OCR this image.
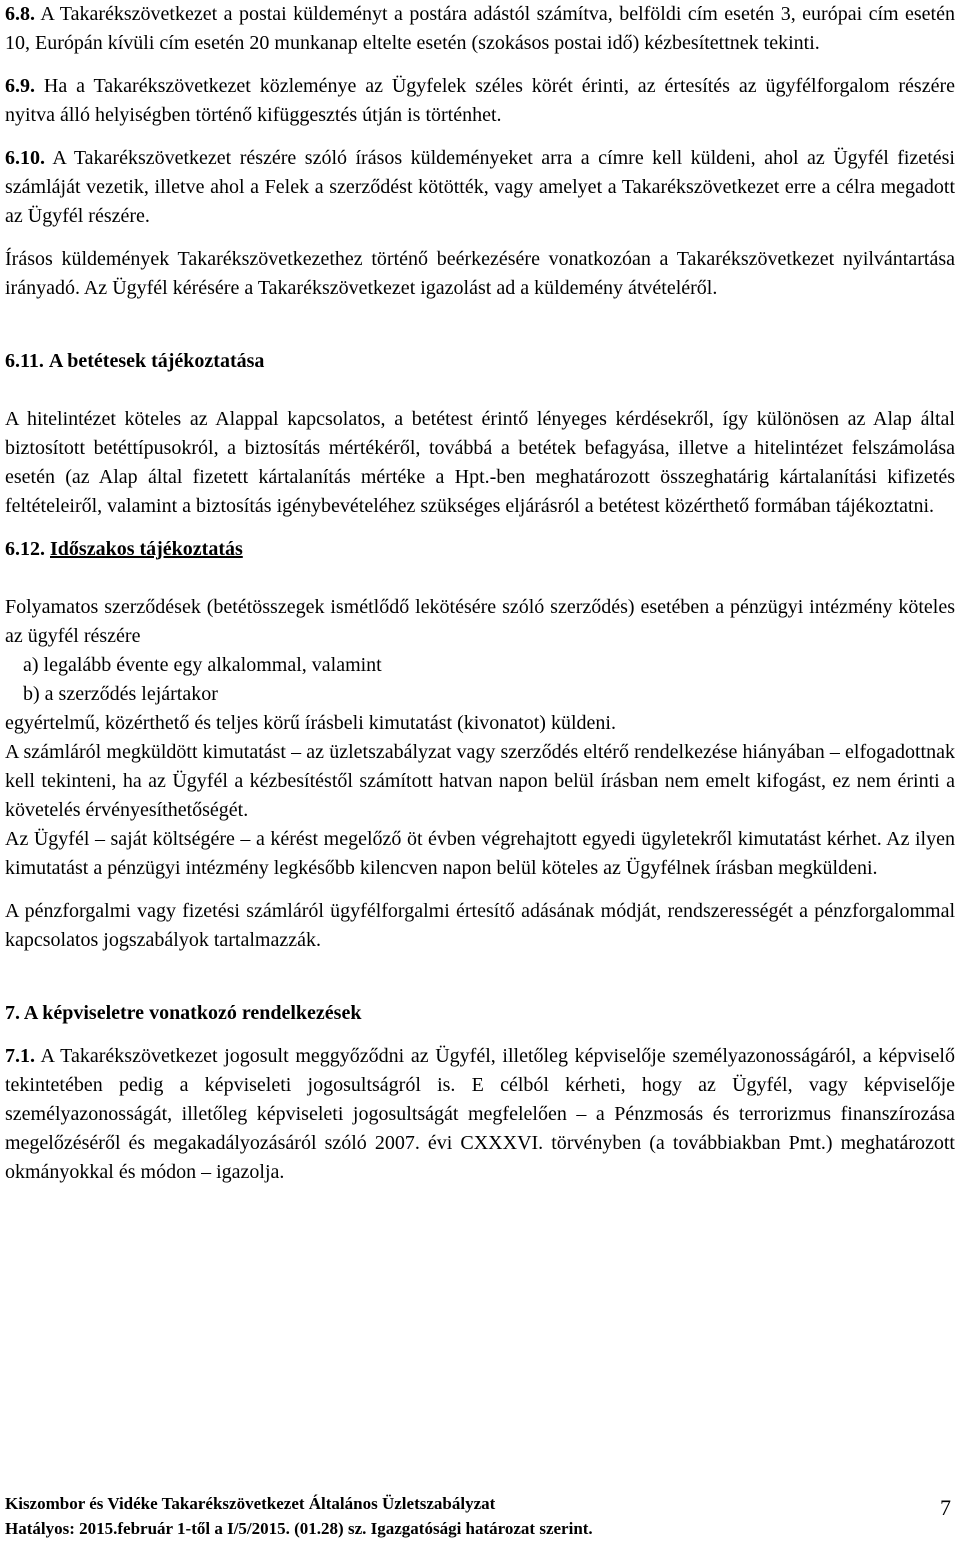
6.8. A Takarékszövetkezet a postai küldeményt a postára adástól számítva, belföldi cím esetén 3, európai cím esetén 10, Európán kívüli cím esetén 20 munkanap eltelte esetén (szokásos postai idő) kézbesítettnek tekinti.

6.9. Ha a Takarékszövetkezet közleménye az Ügyfelek széles körét érinti, az értesítés az ügyfélforgalom részére nyitva álló helyiségben történő kifüggesztés útján is történhet.

6.10. A Takarékszövetkezet részére szóló írásos küldeményeket arra a címre kell küldeni, ahol az Ügyfél fizetési számláját vezetik, illetve ahol a Felek a szerződést kötötték, vagy amelyet a Takarékszövetkezet erre a célra megadott az Ügyfél részére.

Írásos küldemények Takarékszövetkezethez történő beérkezésére vonatkozóan a Takarékszövetkezet nyilvántartása irányadó. Az Ügyfél kérésére a Takarékszövetkezet igazolást ad a küldemény átvételéről.

6.11. A betétesek tájékoztatása

A hitelintézet köteles az Alappal kapcsolatos, a betétest érintő lényeges kérdésekről, így különösen az Alap által biztosított betéttípusokról, a biztosítás mértékéről, továbbá a betétek befagyása, illetve a hitelintézet felszámolása esetén (az Alap által fizetett kártalanítás mértéke a Hpt.-ben meghatározott összeghatárig kártalanítási kifizetés feltételeiről, valamint a biztosítás igénybevételéhez szükséges eljárásról a betétest közérthető formában tájékoztatni.

6.12. Időszakos tájékoztatás

Folyamatos szerződések (betétösszegek ismétlődő lekötésére szóló szerződés) esetében a pénzügyi intézmény köteles az ügyfél részére

a) legalább évente egy alkalommal, valamint

b) a szerződés lejártakor

egyértelmű, közérthető és teljes körű írásbeli kimutatást (kivonatot) küldeni.

A számláról megküldött kimutatást – az üzletszabályzat vagy szerződés eltérő rendelkezése hiányában – elfogadottnak kell tekinteni, ha az Ügyfél a kézbesítéstől számított hatvan napon belül írásban nem emelt kifogást, ez nem érinti a követelés érvényesíthetőségét.

Az Ügyfél – saját költségére – a kérést megelőző öt évben végrehajtott egyedi ügyletekről kimutatást kérhet. Az ilyen kimutatást a pénzügyi intézmény legkésőbb kilencven napon belül köteles az Ügyfélnek írásban megküldeni.

A pénzforgalmi vagy fizetési számláról ügyfélforgalmi értesítő adásának módját, rendszerességét a pénzforgalommal kapcsolatos jogszabályok tartalmazzák.

7. A képviseletre vonatkozó rendelkezések

7.1. A Takarékszövetkezet jogosult meggyőződni az Ügyfél, illetőleg képviselője személyazonosságáról, a képviselő tekintetében pedig a képviseleti jogosultságról is. E célból kérheti, hogy az Ügyfél, vagy képviselője személyazonosságát, illetőleg képviseleti jogosultságát megfelelően – a Pénzmosás és terrorizmus finanszírozása megelőzéséről és megakadályozásáról szóló 2007. évi CXXXVI. törvényben (a továbbiakban Pmt.) meghatározott okmányokkal és módon – igazolja.

Kiszombor és Vidéke Takarékszövetkezet Általános Üzletszabályzat
Hatályos: 2015.február 1-től a I/5/2015. (01.28) sz. Igazgatósági határozat szerint.
7
